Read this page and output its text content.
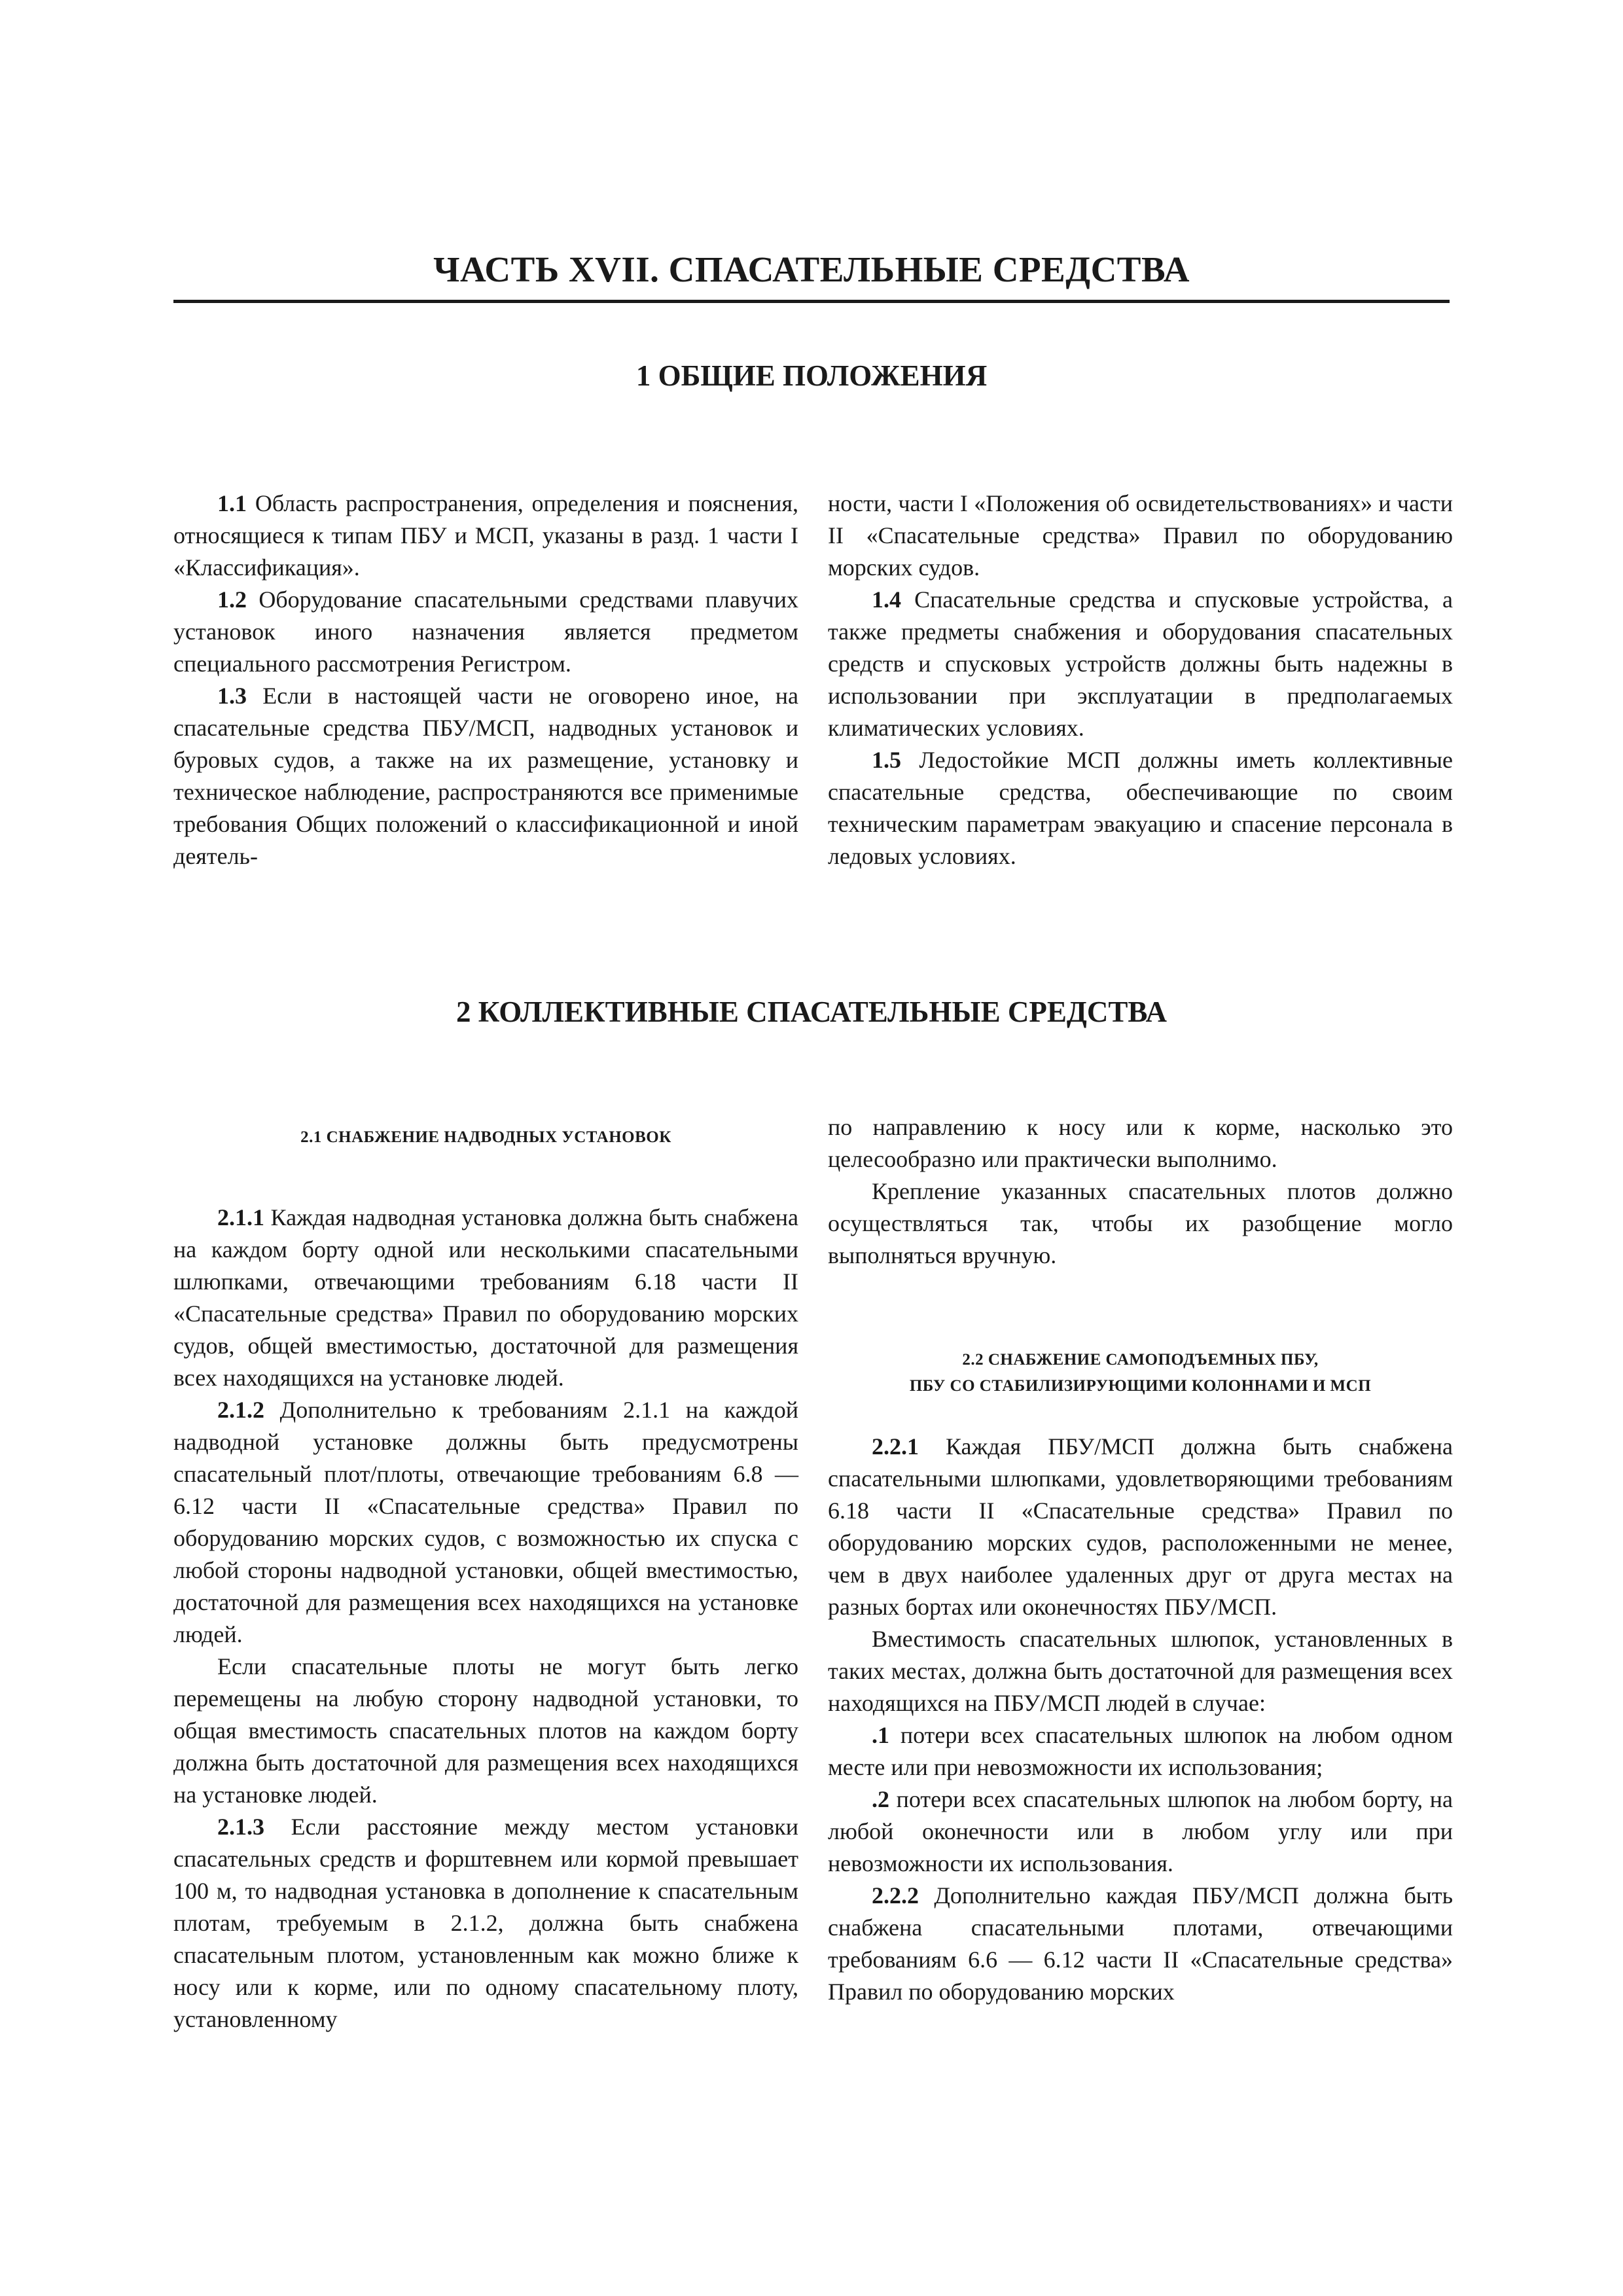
ЧАСТЬ XVII. СПАСАТЕЛЬНЫЕ СРЕДСТВА
1 ОБЩИЕ ПОЛОЖЕНИЯ

1.1 Область распространения, определения и пояснения, относящиеся к типам ПБУ и МСП, указаны в разд. 1 части I «Классификация».

1.2 Оборудование спасательными средствами плавучих установок иного назначения является предметом специального рассмотрения Регистром.

1.3 Если в настоящей части не оговорено иное, на спасательные средства ПБУ/МСП, надводных установок и буровых судов, а также на их размещение, установку и техническое наблюдение, распространяются все применимые требования Общих положений о классификационной и иной деятель-

ности, части I «Положения об освидетельствованиях» и части II «Спасательные средства» Правил по оборудованию морских судов.

1.4 Спасательные средства и спусковые устройства, а также предметы снабжения и оборудования спасательных средств и спусковых устройств должны быть надежны в использовании при эксплуатации в предполагаемых климатических условиях.

1.5 Ледостойкие МСП должны иметь коллективные спасательные средства, обеспечивающие по своим техническим параметрам эвакуацию и спасение персонала в ледовых условиях.

2 КОЛЛЕКТИВНЫЕ СПАСАТЕЛЬНЫЕ СРЕДСТВА
2.1 СНАБЖЕНИЕ НАДВОДНЫХ УСТАНОВОК

2.1.1 Каждая надводная установка должна быть снабжена на каждом борту одной или несколькими спасательными шлюпками, отвечающими требованиям 6.18 части II «Спасательные средства» Правил по оборудованию морских судов, общей вместимостью, достаточной для размещения всех находящихся на установке людей.

2.1.2 Дополнительно к требованиям 2.1.1 на каждой надводной установке должны быть предусмотрены спасательный плот/плоты, отвечающие требованиям 6.8 — 6.12 части II «Спасательные средства» Правил по оборудованию морских судов, с возможностью их спуска с любой стороны надводной установки, общей вместимостью, достаточной для размещения всех находящихся на установке людей.

Если спасательные плоты не могут быть легко перемещены на любую сторону надводной установки, то общая вместимость спасательных плотов на каждом борту должна быть достаточной для размещения всех находящихся на установке людей.

2.1.3 Если расстояние между местом установки спасательных средств и форштевнем или кормой превышает 100 м, то надводная установка в дополнение к спасательным плотам, требуемым в 2.1.2, должна быть снабжена спасательным плотом, установленным как можно ближе к носу или к корме, или по одному спасательному плоту, установленному

по направлению к носу или к корме, насколько это целесообразно или практически выполнимо.

Крепление указанных спасательных плотов должно осуществляться так, чтобы их разобщение могло выполняться вручную.

2.2 СНАБЖЕНИЕ САМОПОДЪЕМНЫХ ПБУ,
ПБУ СО СТАБИЛИЗИРУЮЩИМИ КОЛОННАМИ И МСП

2.2.1 Каждая ПБУ/МСП должна быть снабжена спасательными шлюпками, удовлетворяющими требованиям 6.18 части II «Спасательные средства» Правил по оборудованию морских судов, расположенными не менее, чем в двух наиболее удаленных друг от друга местах на разных бортах или оконечностях ПБУ/МСП.

Вместимость спасательных шлюпок, установленных в таких местах, должна быть достаточной для размещения всех находящихся на ПБУ/МСП людей в случае:

.1 потери всех спасательных шлюпок на любом одном месте или при невозможности их использования;

.2 потери всех спасательных шлюпок на любом борту, на любой оконечности или в любом углу или при невозможности их использования.

2.2.2 Дополнительно каждая ПБУ/МСП должна быть снабжена спасательными плотами, отвечающими требованиям 6.6 — 6.12 части II «Спасательные средства» Правил по оборудованию морских
